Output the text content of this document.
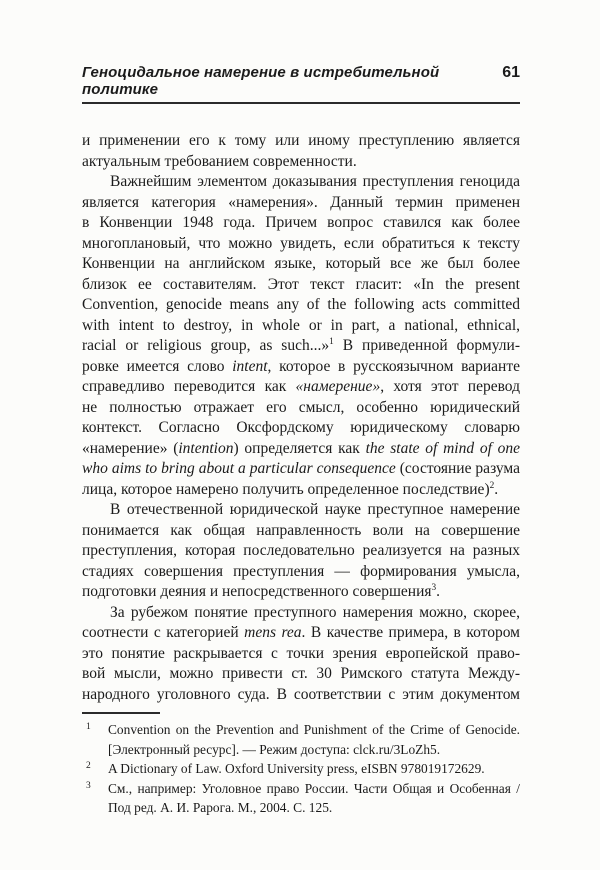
Геноцидальное намерение в истребительной политике
61
и применении его к тому или иному преступлению является
актуальным требованием современности.
Важнейшим элементом доказывания преступления геноцида
является категория «намерения». Данный термин применен
в Конвенции 1948 года. Причем вопрос ставился как более
многоплановый, что можно увидеть, если обратиться к тексту
Конвенции на английском языке, который все же был более
близок ее составителям. Этот текст гласит: «In the present
Convention, genocide means any of the following acts committed
with intent to destroy, in whole or in part, a national, ethnical,
racial or religious group, as such...»$^1$ В приведенной формули-
ровке имеется слово intent, которое в русскоязычном варианте
справедливо переводится как «намерение», хотя этот перевод
не полностью отражает его смысл, особенно юридический
контекст. Согласно Оксфордскому юридическому словарю
«намерение» (intention) определяется как the state of mind of one
who aims to bring about a particular consequence (состояние разума
лица, которое намерено получить определенное последствие)$^2$.
В отечественной юридической науке преступное намерение
понимается как общая направленность воли на совершение
преступления, которая последовательно реализуется на разных
стадиях совершения преступления — формирования умысла,
подготовки деяния и непосредственного совершения$^3$.
За рубежом понятие преступного намерения можно, скорее,
соотнести с категорией mens rea. В качестве примера, в котором
это понятие раскрывается с точки зрения европейской право-
вой мысли, можно привести ст. 30 Римского статута Между-
народного уголовного суда. В соответствии с этим документом
1 Convention on the Prevention and Punishment of the Crime of Genocide.
[Электронный ресурс]. — Режим доступа: clck.ru/3LoZh5.
2 A Dictionary of Law. Oxford University press, eISBN 978019172629.
3 См., например: Уголовное право России. Части Общая и Особенная /
Под ред. А. И. Рарога. М., 2004. С. 125.
